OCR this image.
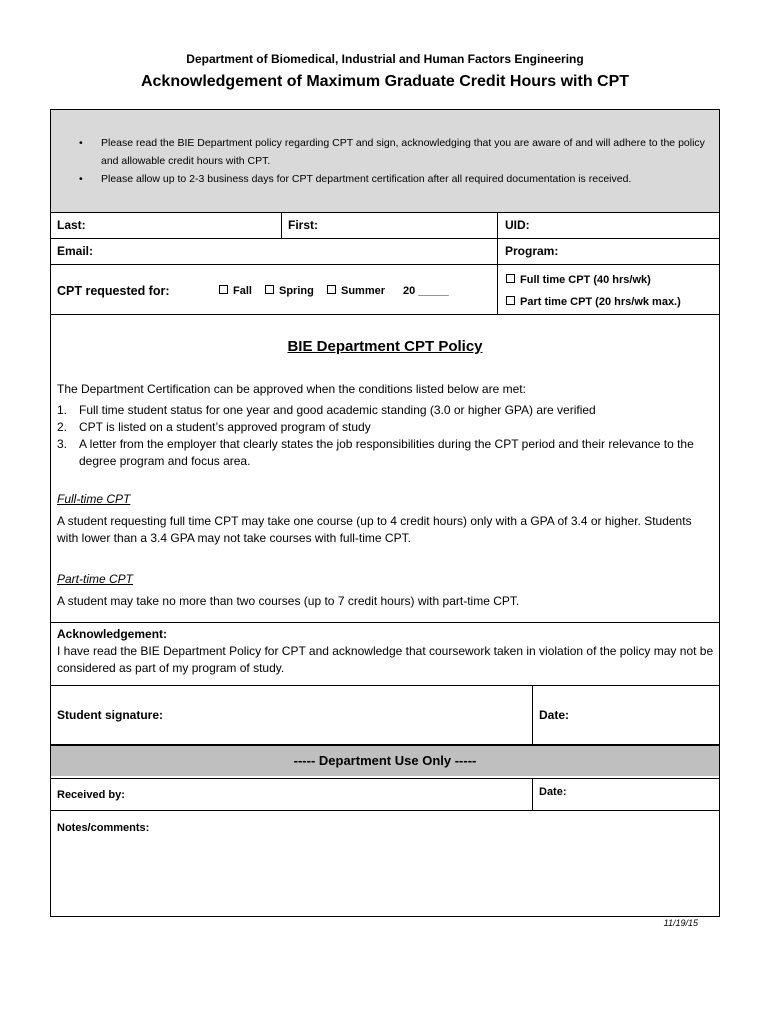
Department of Biomedical, Industrial and Human Factors Engineering
Acknowledgement of Maximum Graduate Credit Hours with CPT
• Please read the BIE Department policy regarding CPT and sign, acknowledging that you are aware of and will adhere to the policy and allowable credit hours with CPT.
• Please allow up to 2-3 business days for CPT department certification after all required documentation is received.
Last:	First:	UID:
Email:	Program:
CPT requested for:	Fall	Spring	Summer 20 _____
Full time CPT (40 hrs/wk)
Part time CPT (20 hrs/wk max.)
BIE Department CPT Policy
The Department Certification can be approved when the conditions listed below are met:
1. Full time student status for one year and good academic standing (3.0 or higher GPA) are verified
2. CPT is listed on a student’s approved program of study
3. A letter from the employer that clearly states the job responsibilities during the CPT period and their relevance to the degree program and focus area.
Full-time CPT
A student requesting full time CPT may take one course (up to 4 credit hours) only with a GPA of 3.4 or higher. Students with lower than a 3.4 GPA may not take courses with full-time CPT.
Part-time CPT
A student may take no more than two courses (up to 7 credit hours) with part-time CPT.
Acknowledgement:
I have read the BIE Department Policy for CPT and acknowledge that coursework taken in violation of the policy may not be considered as part of my program of study.
Student signature:	Date:
----- Department Use Only -----
Received by:	Date:
Notes/comments:
11/19/15
